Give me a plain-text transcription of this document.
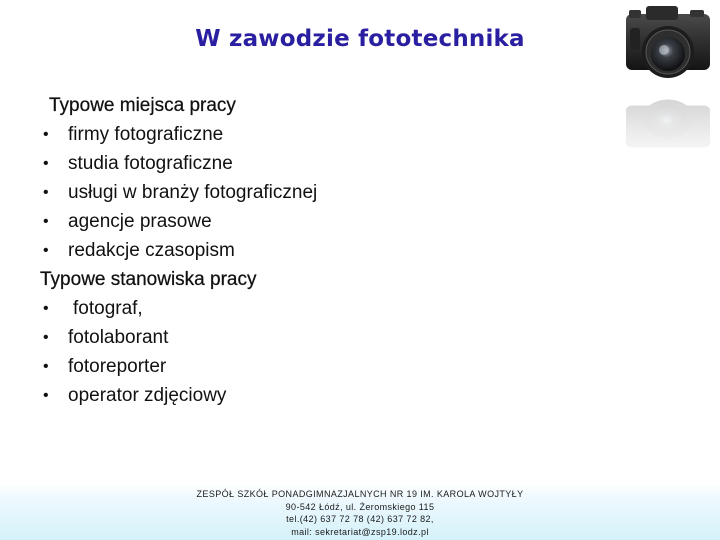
W zawodzie fototechnika
Typowe miejsca pracy
• firmy fotograficzne
• studia fotograficzne
• usługi w branży fotograficznej
• agencje prasowe
• redakcje czasopism
Typowe stanowiska pracy
• fotograf,
• fotolaborant
• fotoreporter
• operator zdjęciowy
ZESPÓŁ SZKÓŁ PONADGIMNAZJALNYCH NR 19 IM. KAROLA WOJTYŁY
90-542 Łódź, ul. Żeromskiego 115
tel.(42) 637 72 78 (42) 637 72 82,
mail: sekretariat@zsp19.lodz.pl
